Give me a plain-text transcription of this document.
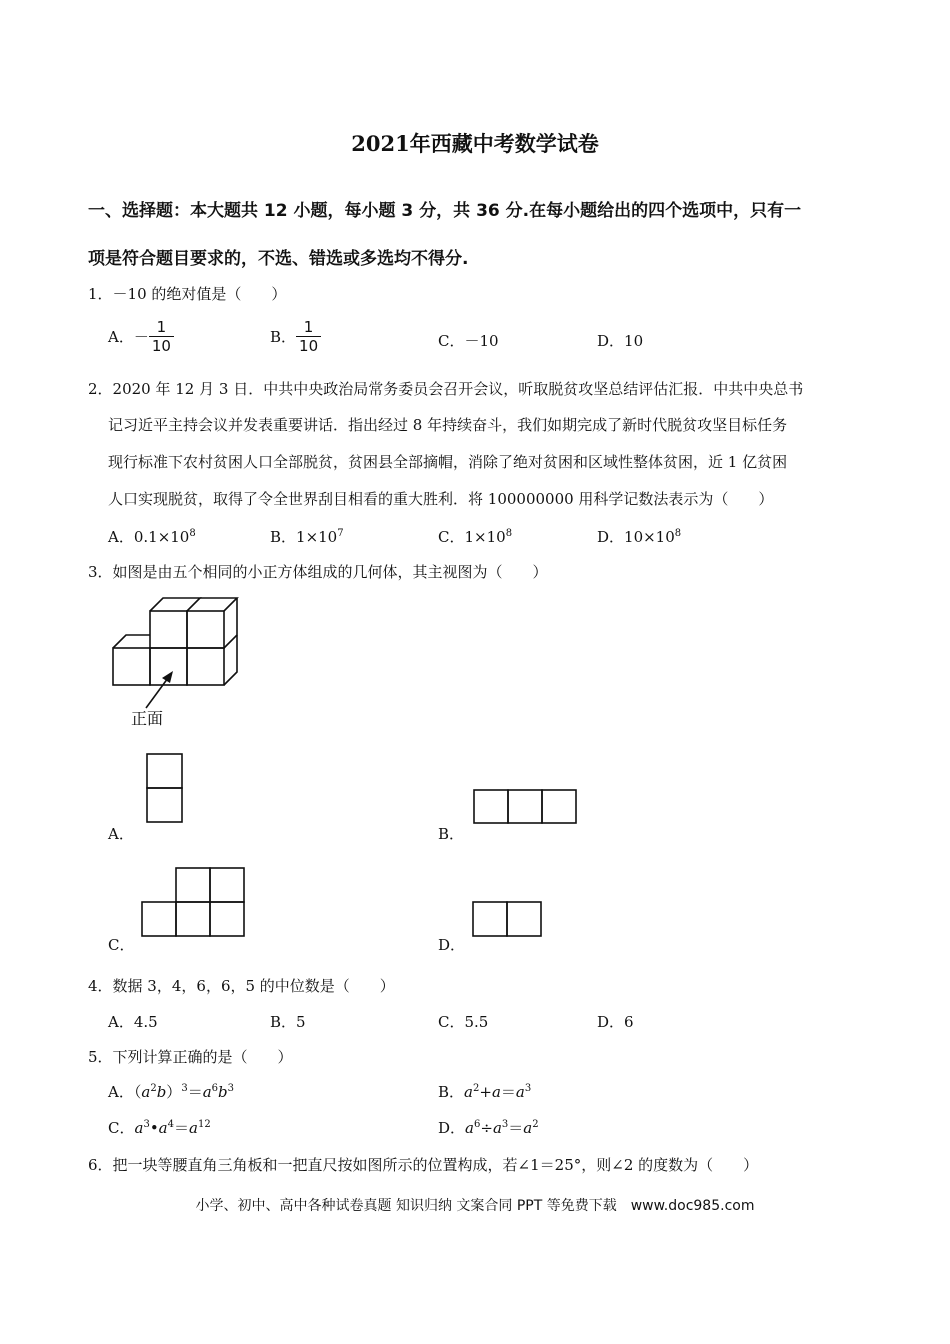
2021年西藏中考数学试卷
一、选择题：本大题共 12 小题，每小题 3 分，共 36 分.在每小题给出的四个选项中，只有一
项是符合题目要求的，不选、错选或多选均不得分.
1．－10 的绝对值是（　　）
A．－ $\frac{1}{10}$	B． $\frac{1}{10}$	C．－10	D．10
2．2020 年 12 月 3 日．中共中央政治局常务委员会召开会议，听取脱贫攻坚总结评估汇报．中共中央总书
记习近平主持会议并发表重要讲话．指出经过 8 年持续奋斗，我们如期完成了新时代脱贫攻坚目标任务
现行标准下农村贫困人口全部脱贫，贫困县全部摘帽，消除了绝对贫困和区域性整体贫困，近 1 亿贫困
人口实现脱贫，取得了令全世界刮目相看的重大胜利．将 100000000 用科学记数法表示为（　　）
A．$0.1\times 10^8$	B．$1\times 10^7$	C．$1\times 10^8$	D．$10\times 10^8$
3．如图是由五个相同的小正方体组成的几何体，其主视图为（　　）
正面
A．	B．
C．	D．
4．数据 3，4，6，6，5 的中位数是（　　）
A．4.5	B．5	C．5.5	D．6
5．下列计算正确的是（　　）
A．$(a^2b)^3=a^6b^3$	B．$a^2+a=a^3$
C．$a^3•a^4=a^{12}$	D．$a^6\div a^3=a^2$
6．把一块等腰直角三角板和一把直尺按如图所示的位置构成，若∠1＝25°，则∠2 的度数为（　　）
小学、初中、高中各种试卷真题 知识归纳 文案合同 PPT 等免费下载　www.doc985.com
